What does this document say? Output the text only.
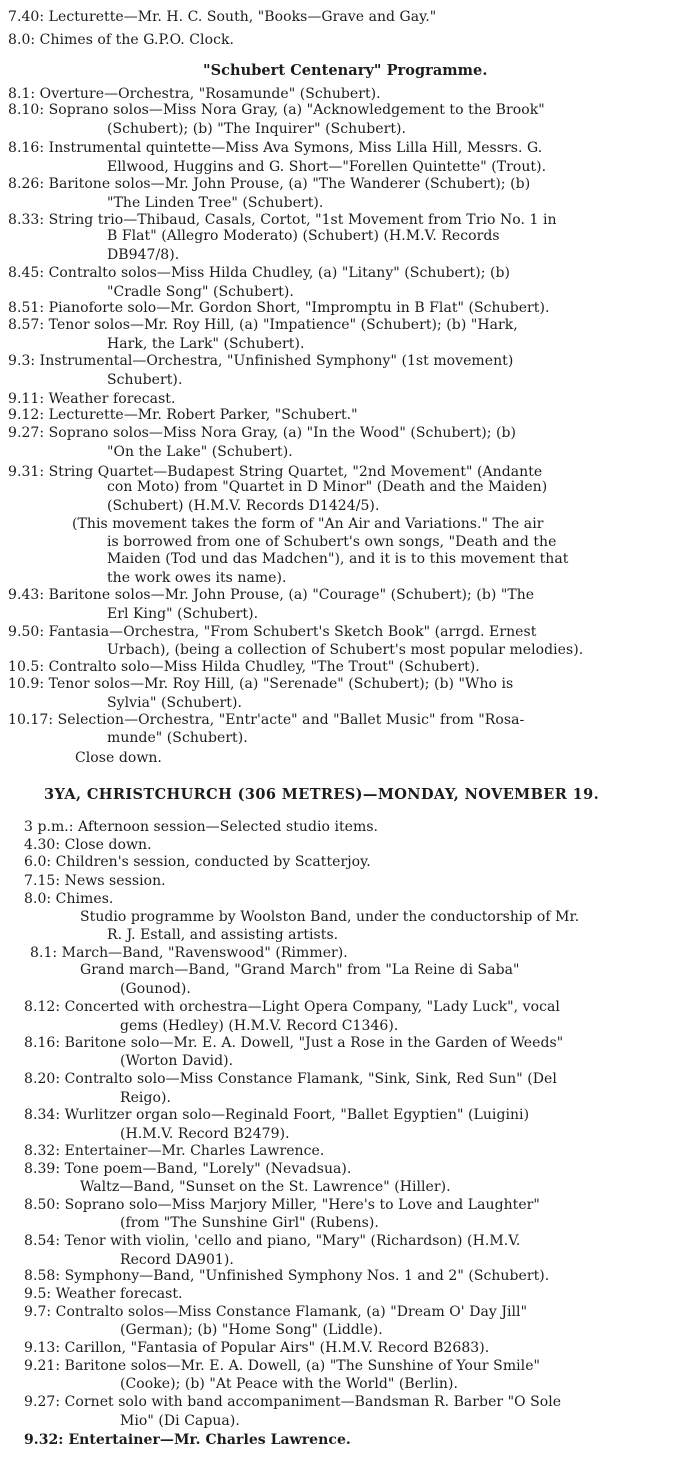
7.40: Lecturette—Mr. H. C. South, "Books—Grave and Gay."
8.0: Chimes of the G.P.O. Clock.
"Schubert Centenary" Programme.
8.1: Overture—Orchestra, "Rosamunde" (Schubert).
8.10: Soprano solos—Miss Nora Gray, (a) "Acknowledgement to the Brook"
(Schubert); (b) "The Inquirer" (Schubert).
8.16: Instrumental quintette—Miss Ava Symons, Miss Lilla Hill, Messrs. G.
Ellwood, Huggins and G. Short—"Forellen Quintette" (Trout).
8.26: Baritone solos—Mr. John Prouse, (a) "The Wanderer (Schubert); (b)
"The Linden Tree" (Schubert).
8.33: String trio—Thibaud, Casals, Cortot, "1st Movement from Trio No. 1 in
B Flat" (Allegro Moderato) (Schubert) (H.M.V. Records
DB947/8).
8.45: Contralto solos—Miss Hilda Chudley, (a) "Litany" (Schubert); (b)
"Cradle Song" (Schubert).
8.51: Pianoforte solo—Mr. Gordon Short, "Impromptu in B Flat" (Schubert).
8.57: Tenor solos—Mr. Roy Hill, (a) "Impatience" (Schubert); (b) "Hark,
Hark, the Lark" (Schubert).
9.3: Instrumental—Orchestra, "Unfinished Symphony" (1st movement)
Schubert).
9.11: Weather forecast.
9.12: Lecturette—Mr. Robert Parker, "Schubert."
9.27: Soprano solos—Miss Nora Gray, (a) "In the Wood" (Schubert); (b)
"On the Lake" (Schubert).
9.31: String Quartet—Budapest String Quartet, "2nd Movement" (Andante
con Moto) from "Quartet in D Minor" (Death and the Maiden)
(Schubert) (H.M.V. Records D1424/5).
(This movement takes the form of "An Air and Variations." The air
is borrowed from one of Schubert's own songs, "Death and the
Maiden (Tod und das Madchen"), and it is to this movement that
the work owes its name).
9.43: Baritone solos—Mr. John Prouse, (a) "Courage" (Schubert); (b) "The
Erl King" (Schubert).
9.50: Fantasia—Orchestra, "From Schubert's Sketch Book" (arrgd. Ernest
Urbach), (being a collection of Schubert's most popular melodies).
10.5: Contralto solo—Miss Hilda Chudley, "The Trout" (Schubert).
10.9: Tenor solos—Mr. Roy Hill, (a) "Serenade" (Schubert); (b) "Who is
Sylvia" (Schubert).
10.17: Selection—Orchestra, "Entr'acte" and "Ballet Music" from "Rosa-
munde" (Schubert).
Close down.
3YA, CHRISTCHURCH (306 METRES)—MONDAY, NOVEMBER 19.
3 p.m.: Afternoon session—Selected studio items.
4.30: Close down.
6.0: Children's session, conducted by Scatterjoy.
7.15: News session.
8.0: Chimes.
Studio programme by Woolston Band, under the conductorship of Mr.
R. J. Estall, and assisting artists.
8.1: March—Band, "Ravenswood" (Rimmer).
Grand march—Band, "Grand March" from "La Reine di Saba"
(Gounod).
8.12: Concerted with orchestra—Light Opera Company, "Lady Luck", vocal
gems (Hedley) (H.M.V. Record C1346).
8.16: Baritone solo—Mr. E. A. Dowell, "Just a Rose in the Garden of Weeds"
(Worton David).
8.20: Contralto solo—Miss Constance Flamank, "Sink, Sink, Red Sun" (Del
Reigo).
8.34: Wurlitzer organ solo—Reginald Foort, "Ballet Egyptien" (Luigini)
(H.M.V. Record B2479).
8.32: Entertainer—Mr. Charles Lawrence.
8.39: Tone poem—Band, "Lorely" (Nevadsua).
Waltz—Band, "Sunset on the St. Lawrence" (Hiller).
8.50: Soprano solo—Miss Marjory Miller, "Here's to Love and Laughter"
(from "The Sunshine Girl" (Rubens).
8.54: Tenor with violin, 'cello and piano, "Mary" (Richardson) (H.M.V.
Record DA901).
8.58: Symphony—Band, "Unfinished Symphony Nos. 1 and 2" (Schubert).
9.5: Weather forecast.
9.7: Contralto solos—Miss Constance Flamank, (a) "Dream O' Day Jill"
(German); (b) "Home Song" (Liddle).
9.13: Carillon, "Fantasia of Popular Airs" (H.M.V. Record B2683).
9.21: Baritone solos—Mr. E. A. Dowell, (a) "The Sunshine of Your Smile"
(Cooke); (b) "At Peace with the World" (Berlin).
9.27: Cornet solo with band accompaniment—Bandsman R. Barber "O Sole
Mio" (Di Capua).
9.32: Entertainer—Mr. Charles Lawrence.
